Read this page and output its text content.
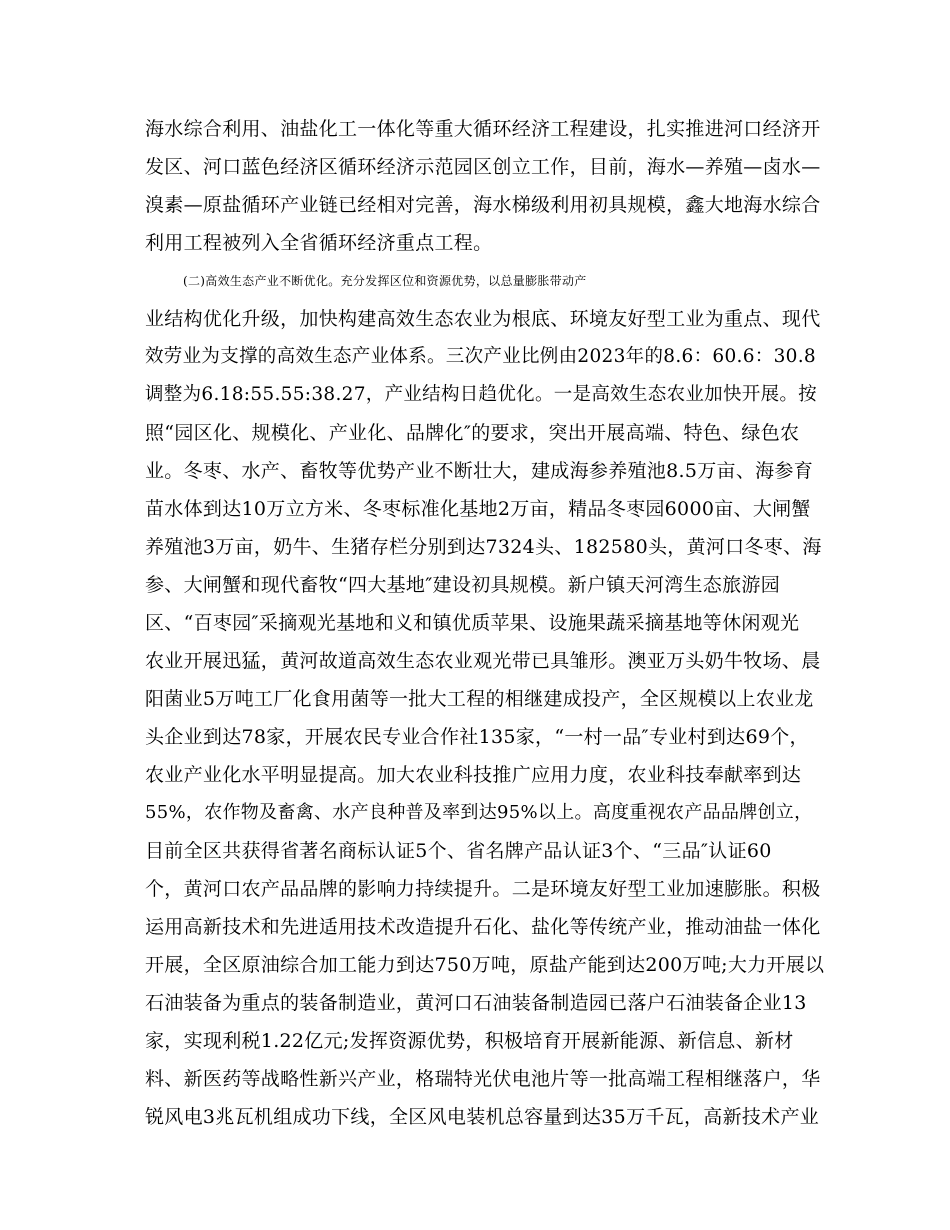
海水综合利用、油盐化工一体化等重大循环经济工程建设，扎实推进河口经济开
发区、河口蓝色经济区循环经济示范园区创立工作，目前，海水—养殖—卤水—
溴素—原盐循环产业链已经相对完善，海水梯级利用初具规模，鑫大地海水综合
利用工程被列入全省循环经济重点工程。
(二)高效生态产业不断优化。充分发挥区位和资源优势，以总量膨胀带动产
业结构优化升级，加快构建高效生态农业为根底、环境友好型工业为重点、现代
效劳业为支撑的高效生态产业体系。三次产业比例由2023年的8.6：60.6：30.8
调整为6.18:55.55:38.27，产业结构日趋优化。一是高效生态农业加快开展。按
照“园区化、规模化、产业化、品牌化″的要求，突出开展高端、特色、绿色农
业。冬枣、水产、畜牧等优势产业不断壮大，建成海参养殖池8.5万亩、海参育
苗水体到达10万立方米、冬枣标准化基地2万亩，精品冬枣园6000亩、大闸蟹
养殖池3万亩，奶牛、生猪存栏分别到达7324头、182580头，黄河口冬枣、海
参、大闸蟹和现代畜牧“四大基地″建设初具规模。新户镇天河湾生态旅游园
区、“百枣园″采摘观光基地和义和镇优质苹果、设施果蔬采摘基地等休闲观光
农业开展迅猛，黄河故道高效生态农业观光带已具雏形。澳亚万头奶牛牧场、晨
阳菌业5万吨工厂化食用菌等一批大工程的相继建成投产，全区规模以上农业龙
头企业到达78家，开展农民专业合作社135家，“一村一品″专业村到达69个，
农业产业化水平明显提高。加大农业科技推广应用力度，农业科技奉献率到达
55%，农作物及畜禽、水产良种普及率到达95%以上。高度重视农产品品牌创立，
目前全区共获得省著名商标认证5个、省名牌产品认证3个、“三品″认证60
个，黄河口农产品品牌的影响力持续提升。二是环境友好型工业加速膨胀。积极
运用高新技术和先进适用技术改造提升石化、盐化等传统产业，推动油盐一体化
开展，全区原油综合加工能力到达750万吨，原盐产能到达200万吨;大力开展以
石油装备为重点的装备制造业，黄河口石油装备制造园已落户石油装备企业13
家，实现利税1.22亿元;发挥资源优势，积极培育开展新能源、新信息、新材
料、新医药等战略性新兴产业，格瑞特光伏电池片等一批高端工程相继落户，华
锐风电3兆瓦机组成功下线，全区风电装机总容量到达35万千瓦，高新技术产业
